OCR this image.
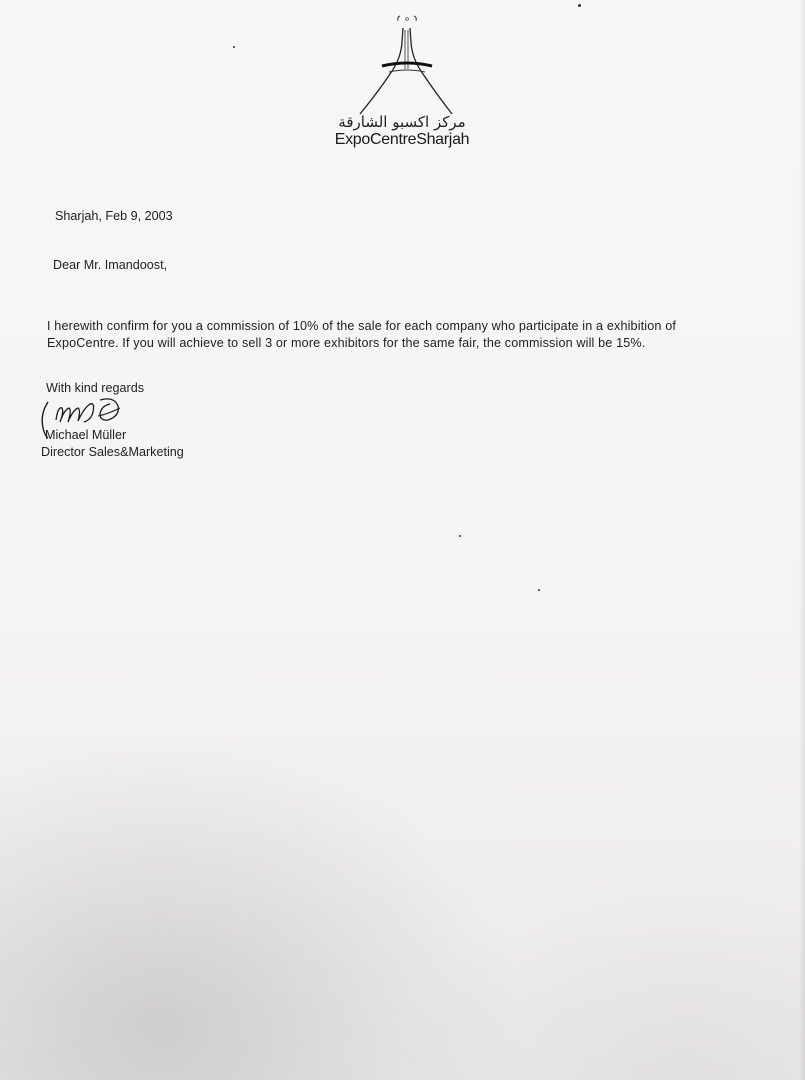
مركز اكسبو الشارقة
ExpoCentreSharjah
Sharjah, Feb 9, 2003
Dear Mr. Imandoost,
I herewith confirm for you a commission of 10% of the sale for each company who participate in a exhibition of
ExpoCentre. If you will achieve to sell 3 or more exhibitors for the same fair, the commission will be 15%.
With kind regards
Michael Müller
Director Sales&Marketing
